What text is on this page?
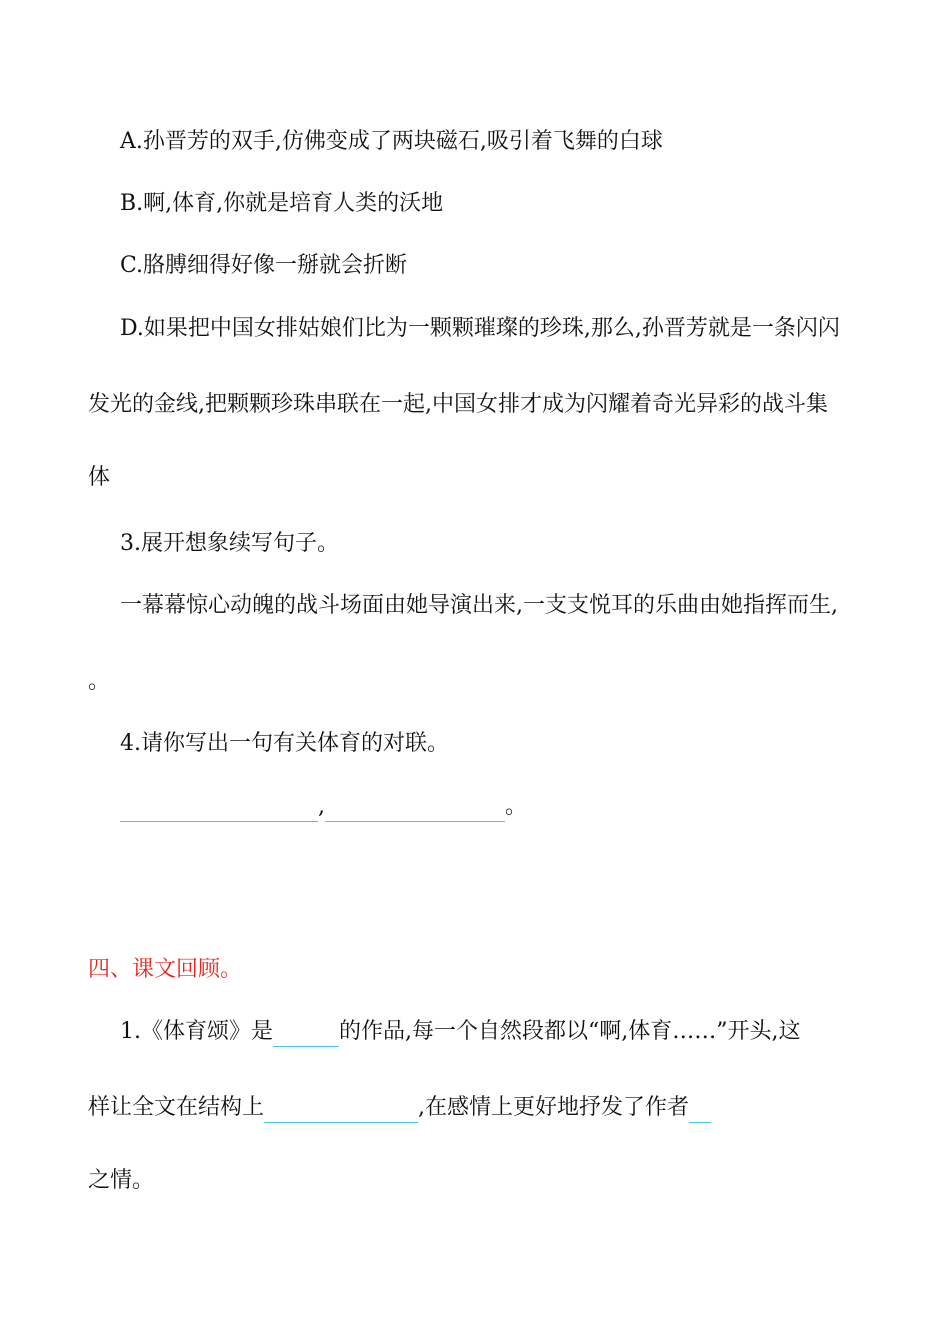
A.孙晋芳的双手,仿佛变成了两块磁石,吸引着飞舞的白球
B.啊,体育,你就是培育人类的沃地
C.胳膊细得好像一掰就会折断
D.如果把中国女排姑娘们比为一颗颗璀璨的珍珠,那么,孙晋芳就是一条闪闪
发光的金线,把颗颗珍珠串联在一起,中国女排才成为闪耀着奇光异彩的战斗集
体
3.展开想象续写句子。
一幕幕惊心动魄的战斗场面由她导演出来,一支支悦耳的乐曲由她指挥而生,
。
4.请你写出一句有关体育的对联。
,	。
四、课文回顾。
1.《体育颂》是	的作品,每一个自然段都以“啊,体育……”开头,这
样让全文在结构上	,在感情上更好地抒发了作者
之情。
